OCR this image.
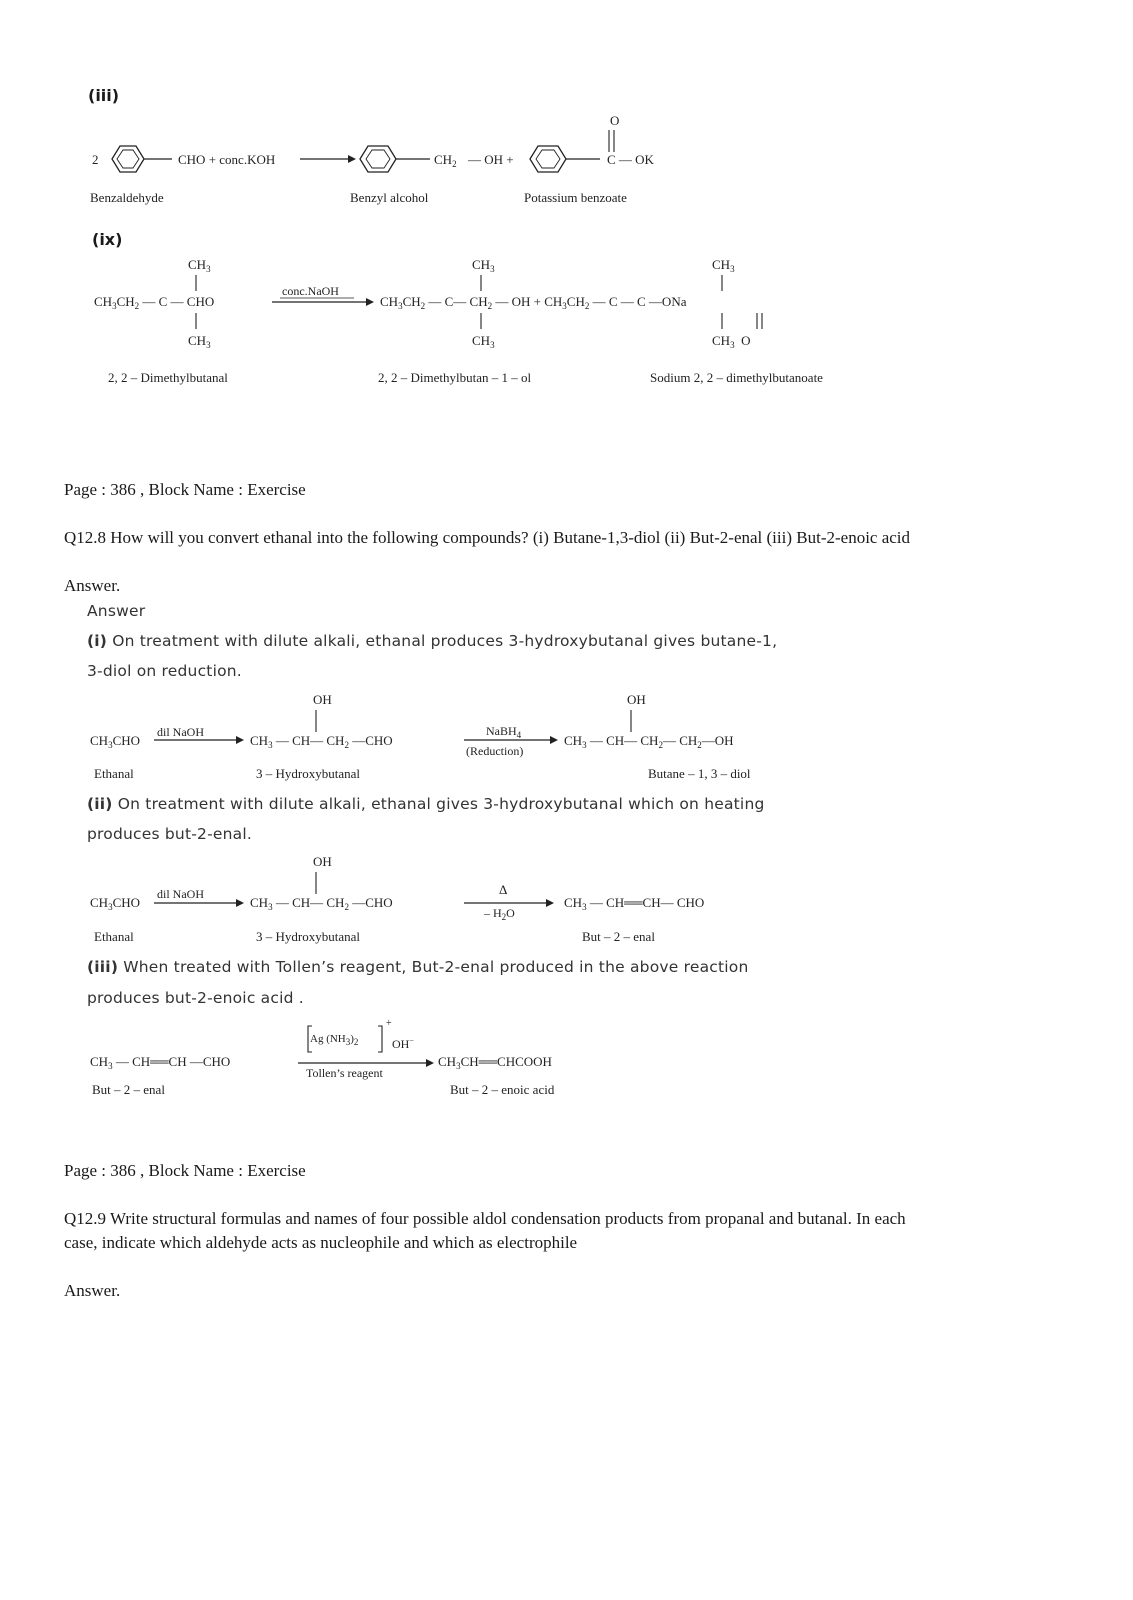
(iii)
2	CHO + conc.KOH	$CH_2$ — OH +
O
C — OK
Benzaldehyde	Benzyl alcohol	Potassium benzoate
(ix)
$CH_3$
$CH_3CH_2$ — C — CHO
$CH_3$
conc.NaOH
$CH_3$
$CH_3CH_2$ — C— $CH_2$ — OH + $CH_3CH_2$ — C — C —ONa
$CH_3$
$CH_3$
$CH_3$  O
2, 2 – Dimethylbutanal	2, 2 – Dimethylbutan – 1 – ol	Sodium 2, 2 – dimethylbutanoate
Page : 386 , Block Name : Exercise
Q12.8 How will you convert ethanal into the following compounds? (i) Butane-1,3-diol (ii) But-2-enal (iii) But-2-enoic acid
Answer.
Answer
(i) On treatment with dilute alkali, ethanal produces 3-hydroxybutanal gives butane-1,
3-diol on reduction.
OH	OH
dil NaOH	NaBH$_4$
(Reduction)
$CH_3CHO$	$CH_3$ — CH— $CH_2$ —CHO	$CH_3$ — CH— $CH_2—$ $CH_2—OH$
Ethanal	3 – Hydroxybutanal	Butane – 1, 3 – diol
(ii) On treatment with dilute alkali, ethanal gives 3-hydroxybutanal which on heating
produces but-2-enal.
OH
dil NaOH	Δ
– $H_2O$
$CH_3CHO$	$CH_3$ — CH— $CH_2$ —CHO	$CH_3$ — CH══CH— CHO
Ethanal	3 – Hydroxybutanal	But – 2 – enal
(iii) When treated with Tollen’s reagent, But-2-enal produced in the above reaction
produces but-2-enoic acid .
Ag $(NH_3)_2$
+
OH−
Tollen’s reagent
$CH_3$ — CH══CH —CHO	$CH_3CH══CHCOOH$
But – 2 – enal	But – 2 – enoic acid
Page : 386 , Block Name : Exercise
Q12.9 Write structural formulas and names of four possible aldol condensation products from propanal and butanal. In each
case, indicate which aldehyde acts as nucleophile and which as electrophile
Answer.
